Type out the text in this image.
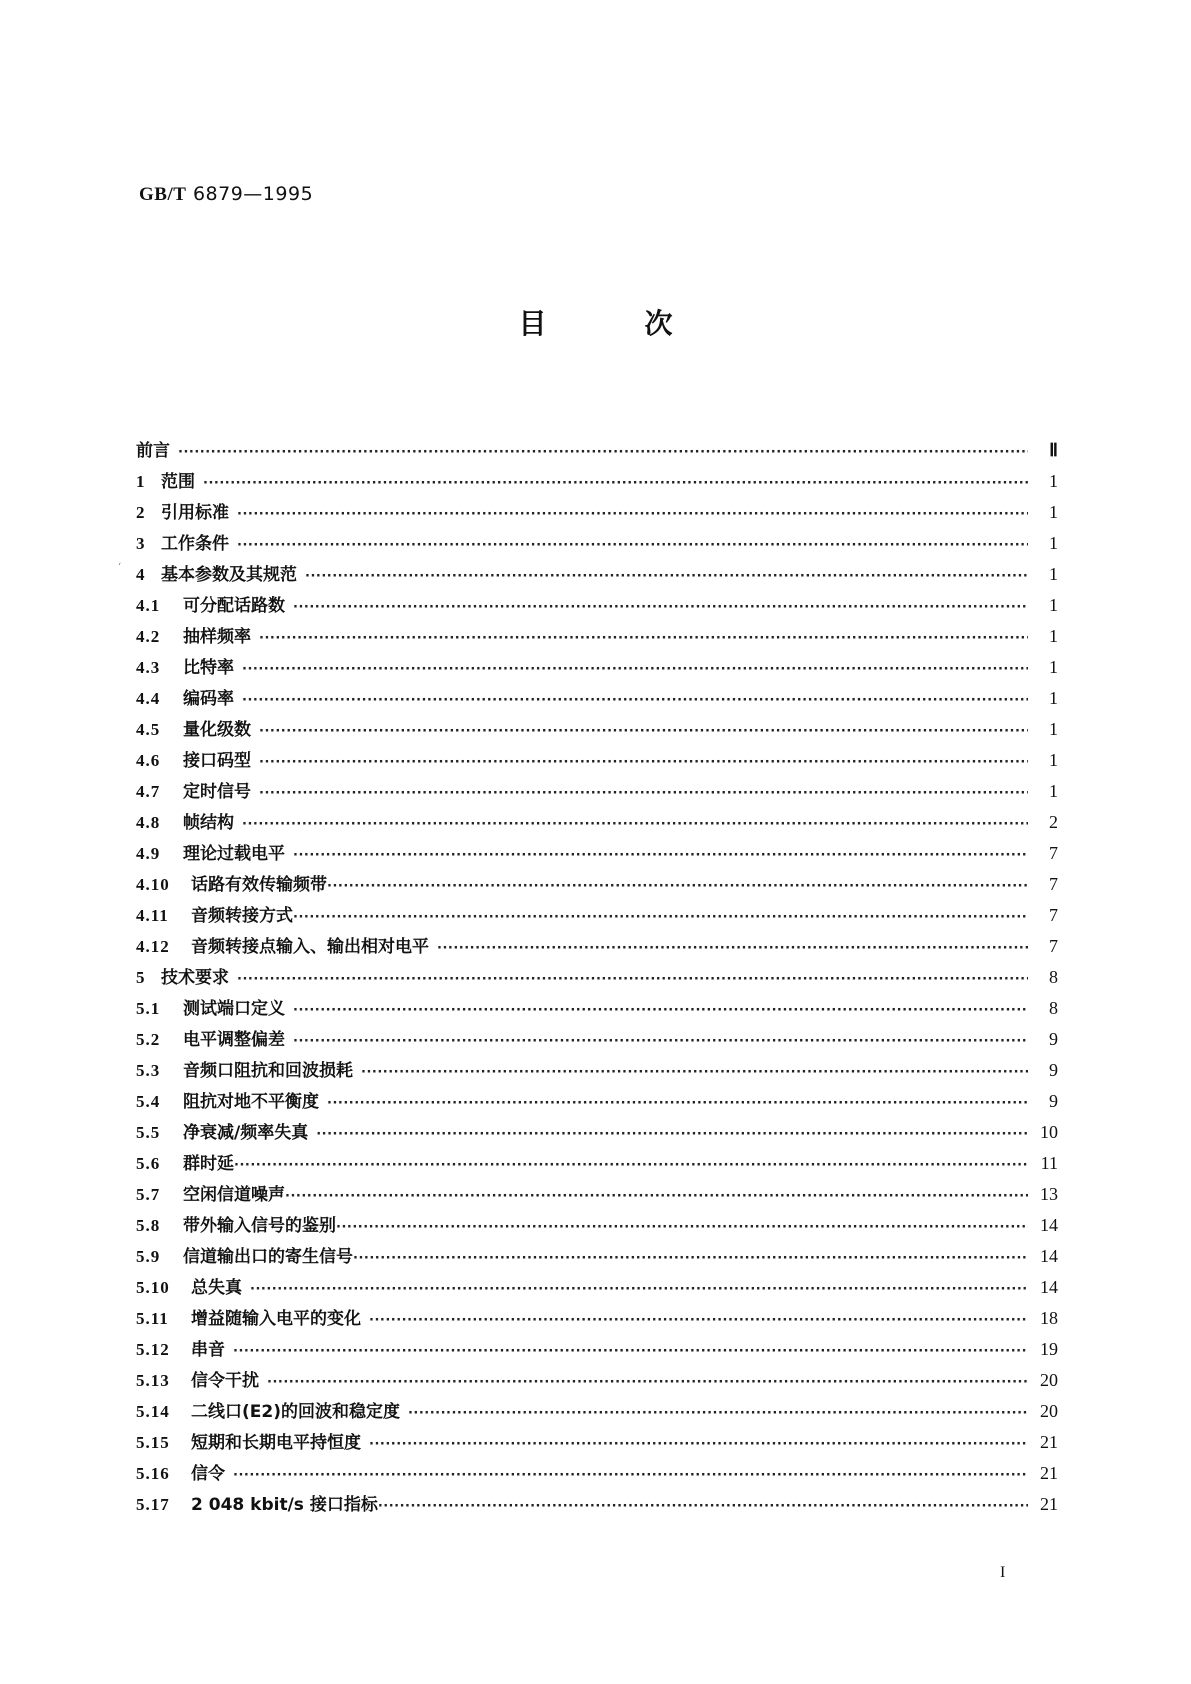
GB/T 6879—1995
目	次
前言 ·····	Ⅱ
1 范围 ·····	1
2 引用标准 ·····	1
3 工作条件 ·····	1
4 基本参数及其规范 ·····	1
4.1	可分配话路数 ·····	1
4.2	抽样频率 ·····	1
4.3	比特率 ·····	1
4.4	编码率 ·····	1
4.5	量化级数 ·····	1
4.6	接口码型 ·····	1
4.7	定时信号 ·····	1
4.8	帧结构 ·····	2
4.9	理论过载电平 ·····	7
4.10	话路有效传输频带 ·····	7
4.11	音频转接方式 ·····	7
4.12	音频转接点输入、输出相对电平 ·····	7
5 技术要求 ·····	8
5.1	测试端口定义 ·····	8
5.2	电平调整偏差 ·····	9
5.3	音频口阻抗和回波损耗 ·····	9
5.4	阻抗对地不平衡度 ·····	9
5.5	净衰减/频率失真 ·····	10
5.6	群时延 ·····	11
5.7	空闲信道噪声 ·····	13
5.8	带外输入信号的鉴别 ·····	14
5.9	信道输出口的寄生信号 ·····	14
5.10	总失真 ·····	14
5.11	增益随输入电平的变化 ·····	18
5.12	串音 ·····	19
5.13	信令干扰 ·····	20
5.14	二线口(E2)的回波和稳定度 ·····	20
5.15	短期和长期电平持恒度 ·····	21
5.16	信令 ·····	21
5.17	2 048 kbit/s 接口指标 ·····	21
I
ʻ
